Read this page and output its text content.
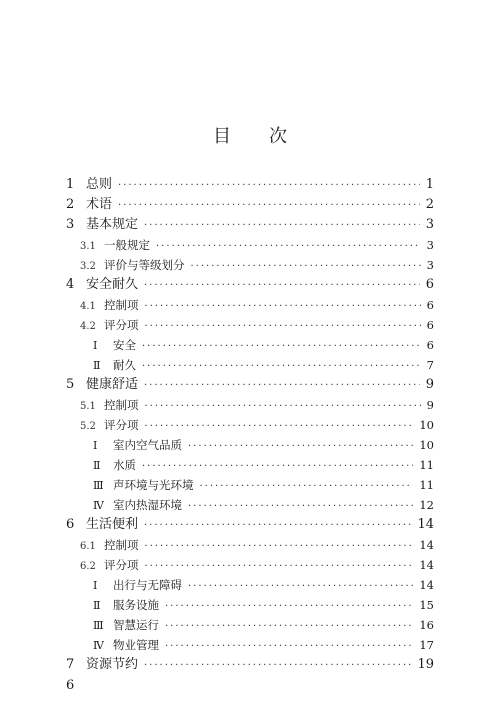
目 次
1 总则 ·····	1
2 术语 ·····	2
3 基本规定 ·····	3
3.1 一般规定 ·····	3
3.2 评价与等级划分 ·····	3
4 安全耐久 ·····	6
4.1 控制项 ·····	6
4.2 评分项 ·····	6
Ⅰ	安全 ·····	6
Ⅱ	耐久 ·····	7
5 健康舒适 ·····	9
5.1 控制项 ·····	9
5.2 评分项 ·····	10
Ⅰ	室内空气品质 ·····	10
Ⅱ	水质 ·····	11
Ⅲ 声环境与光环境 ·····	11
Ⅳ 室内热湿环境 ·····	12
6 生活便利 ·····	14
6.1 控制项 ·····	14
6.2 评分项 ·····	14
Ⅰ	出行与无障碍 ·····	14
Ⅱ	服务设施 ·····	15
Ⅲ 智慧运行 ·····	16
Ⅳ 物业管理 ·····	17
7 资源节约 ·····	19
6
